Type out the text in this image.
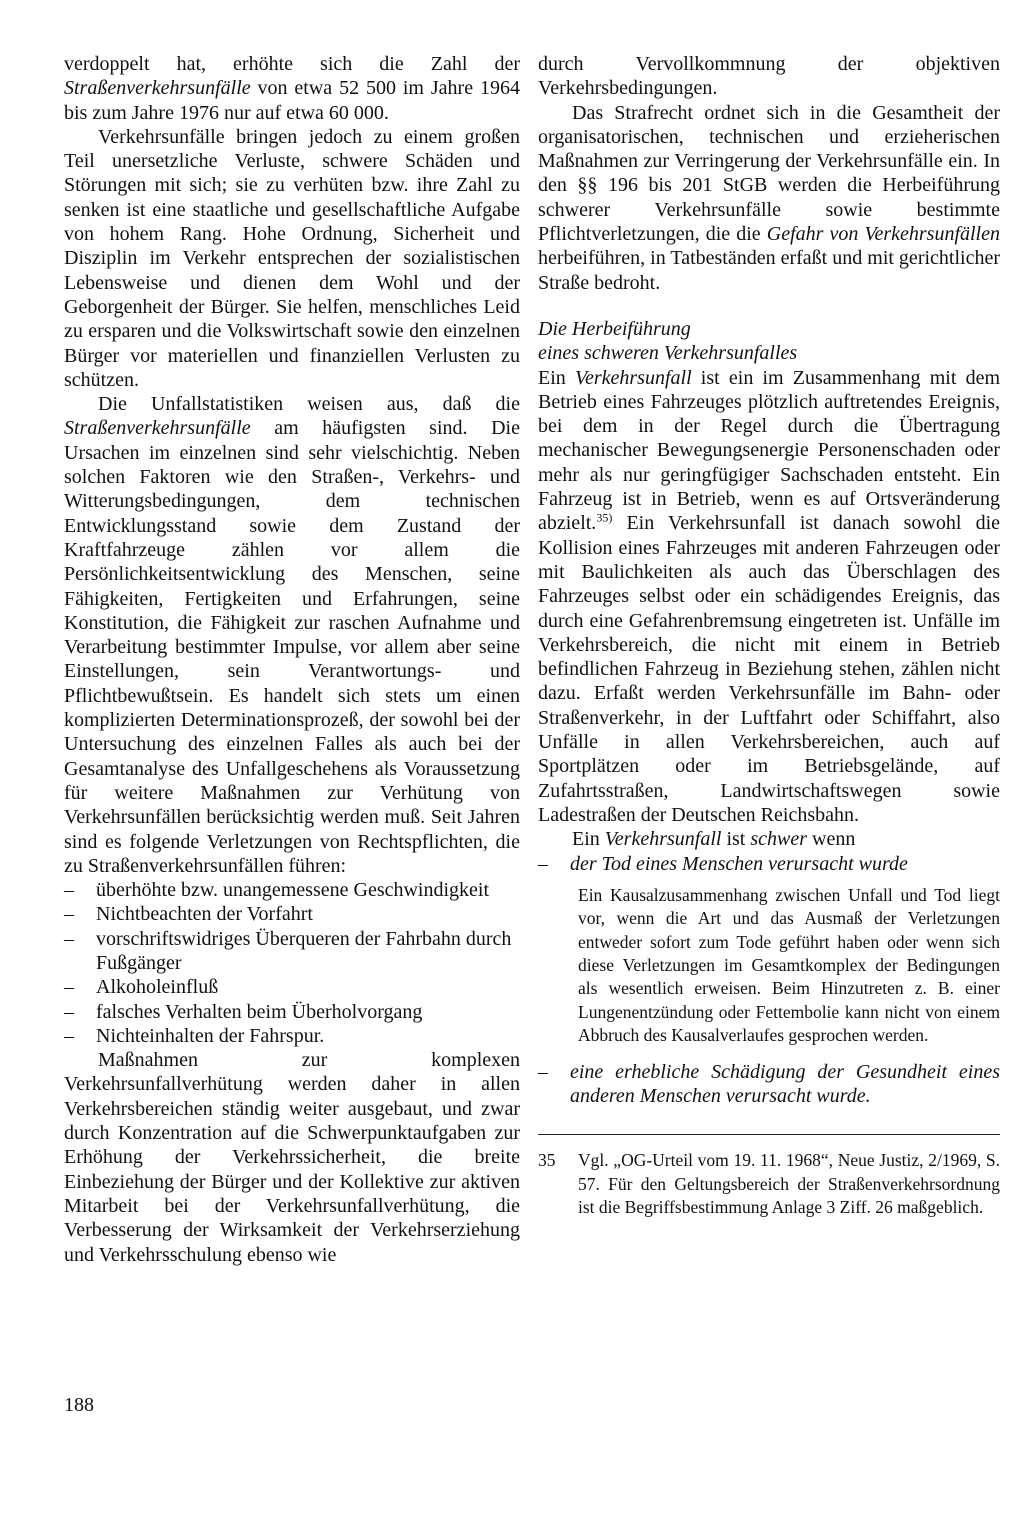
verdoppelt hat, erhöhte sich die Zahl der Straßenverkehrsunfälle von etwa 52 500 im Jahre 1964 bis zum Jahre 1976 nur auf etwa 60 000.

Verkehrsunfälle bringen jedoch zu einem großen Teil unersetzliche Verluste, schwere Schäden und Störungen mit sich; sie zu verhüten bzw. ihre Zahl zu senken ist eine staatliche und gesellschaftliche Aufgabe von hohem Rang. Hohe Ordnung, Sicherheit und Disziplin im Verkehr entsprechen der sozialistischen Lebensweise und dienen dem Wohl und der Geborgenheit der Bürger. Sie helfen, menschliches Leid zu ersparen und die Volkswirtschaft sowie den einzelnen Bürger vor materiellen und finanziellen Verlusten zu schützen.

Die Unfallstatistiken weisen aus, daß die Straßenverkehrsunfälle am häufigsten sind. Die Ursachen im einzelnen sind sehr vielschichtig. Neben solchen Faktoren wie den Straßen-, Verkehrs- und Witterungsbedingungen, dem technischen Entwicklungsstand sowie dem Zustand der Kraftfahrzeuge zählen vor allem die Persönlichkeitsentwicklung des Menschen, seine Fähigkeiten, Fertigkeiten und Erfahrungen, seine Konstitution, die Fähigkeit zur raschen Aufnahme und Verarbeitung bestimmter Impulse, vor allem aber seine Einstellungen, sein Verantwortungs- und Pflichtbewußtsein. Es handelt sich stets um einen komplizierten Determinationsprozeß, der sowohl bei der Untersuchung des einzelnen Falles als auch bei der Gesamtanalyse des Unfallgeschehens als Voraussetzung für weitere Maßnahmen zur Verhütung von Verkehrsunfällen berücksichtig werden muß. Seit Jahren sind es folgende Verletzungen von Rechtspflichten, die zu Straßenverkehrsunfällen führen:

– überhöhte bzw. unangemessene Geschwindigkeit
– Nichtbeachten der Vorfahrt
– vorschriftswidriges Überqueren der Fahrbahn durch Fußgänger
– Alkoholeinfluß
– falsches Verhalten beim Überholvorgang
– Nichteinhalten der Fahrspur.

Maßnahmen zur komplexen Verkehrsunfallverhütung werden daher in allen Verkehrsbereichen ständig weiter ausgebaut, und zwar durch Konzentration auf die Schwerpunktaufgaben zur Erhöhung der Verkehrssicherheit, die breite Einbeziehung der Bürger und der Kollektive zur aktiven Mitarbeit bei der Verkehrsunfallverhütung, die Verbesserung der Wirksamkeit der Verkehrserziehung und Verkehrsschulung ebenso wie

durch Vervollkommnung der objektiven Verkehrsbedingungen.

Das Strafrecht ordnet sich in die Gesamtheit der organisatorischen, technischen und erzieherischen Maßnahmen zur Verringerung der Verkehrsunfälle ein. In den §§ 196 bis 201 StGB werden die Herbeiführung schwerer Verkehrsunfälle sowie bestimmte Pflichtverletzungen, die die Gefahr von Verkehrsunfällen herbeiführen, in Tatbeständen erfaßt und mit gerichtlicher Straße bedroht.

Die Herbeiführung
eines schweren Verkehrsunfalles

Ein Verkehrsunfall ist ein im Zusammenhang mit dem Betrieb eines Fahrzeuges plötzlich auftretendes Ereignis, bei dem in der Regel durch die Übertragung mechanischer Bewegungsenergie Personenschaden oder mehr als nur geringfügiger Sachschaden entsteht. Ein Fahrzeug ist in Betrieb, wenn es auf Ortsveränderung abzielt.$^{35)}$ Ein Verkehrsunfall ist danach sowohl die Kollision eines Fahrzeuges mit anderen Fahrzeugen oder mit Baulichkeiten als auch das Überschlagen des Fahrzeuges selbst oder ein schädigendes Ereignis, das durch eine Gefahrenbremsung eingetreten ist. Unfälle im Verkehrsbereich, die nicht mit einem in Betrieb befindlichen Fahrzeug in Beziehung stehen, zählen nicht dazu. Erfaßt werden Verkehrsunfälle im Bahn- oder Straßenverkehr, in der Luftfahrt oder Schiffahrt, also Unfälle in allen Verkehrsbereichen, auch auf Sportplätzen oder im Betriebsgelände, auf Zufahrtsstraßen, Landwirtschaftswegen sowie Ladestraßen der Deutschen Reichsbahn.

Ein Verkehrsunfall ist schwer wenn

– der Tod eines Menschen verursacht wurde

Ein Kausalzusammenhang zwischen Unfall und Tod liegt vor, wenn die Art und das Ausmaß der Verletzungen entweder sofort zum Tode geführt haben oder wenn sich diese Verletzungen im Gesamtkomplex der Bedingungen als wesentlich erweisen. Beim Hinzutreten z. B. einer Lungenentzündung oder Fettembolie kann nicht von einem Abbruch des Kausalverlaufes gesprochen werden.

– eine erhebliche Schädigung der Gesundheit eines anderen Menschen verursacht wurde.
35 Vgl. „OG-Urteil vom 19. 11. 1968“, Neue Justiz, 2/1969, S. 57. Für den Geltungsbereich der Straßenverkehrsordnung ist die Begriffsbestimmung Anlage 3 Ziff. 26 maßgeblich.
188
